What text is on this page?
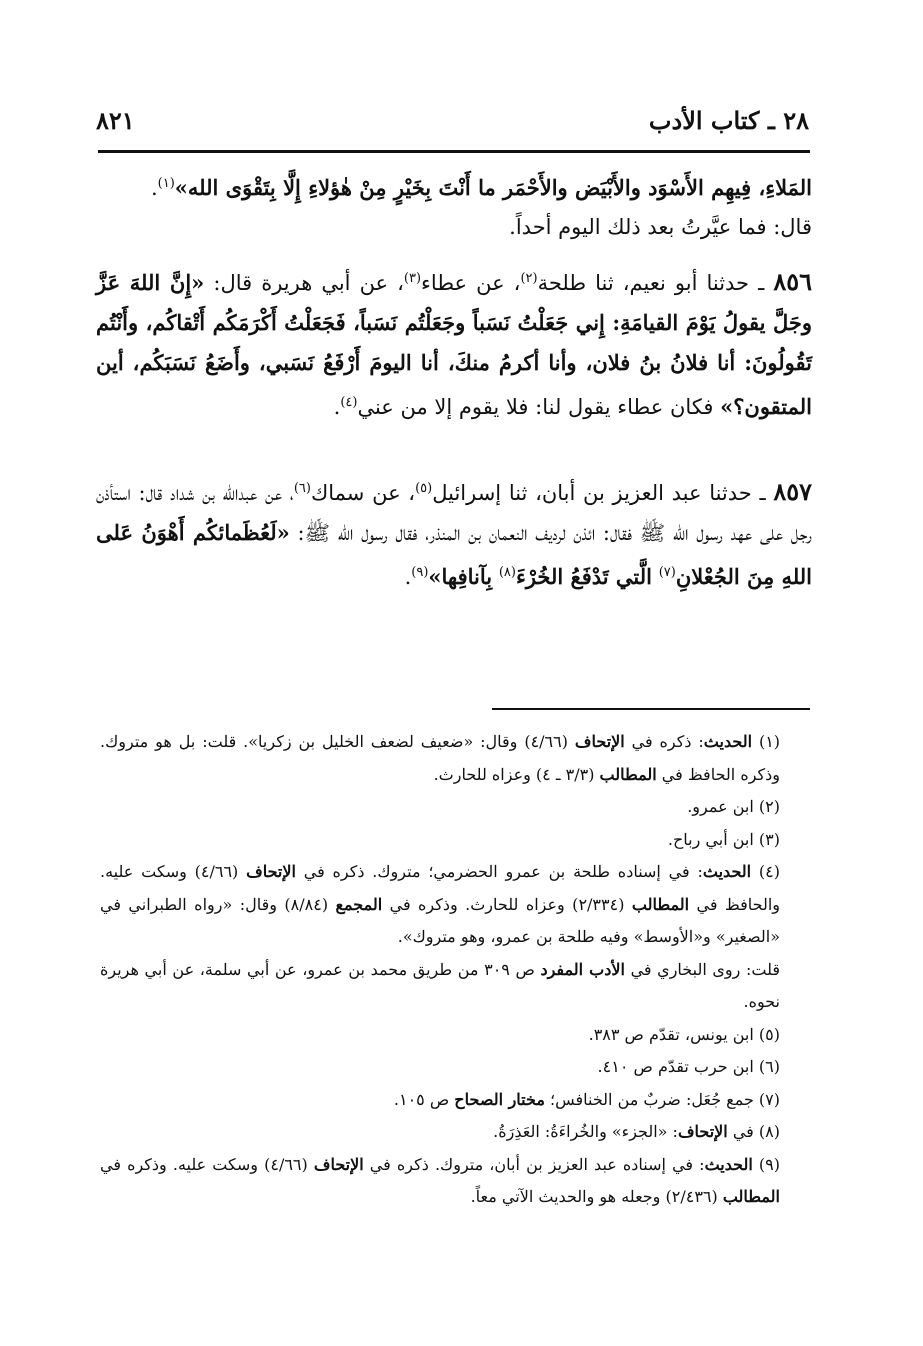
٢٨ ـ كتاب الأدب
٨٢١

المَلاءِ، فِيهِم الأَسْوَد والأَبْيَض والأَحْمَر ما أَنْتَ بِخَيْرٍ مِنْ هٰؤلاءِ إِلَّا بِتَقْوَى الله»$^{(١)}$.

قال: فما عيَّرتُ بعد ذلك اليوم أحداً.

٨٥٦ ـ حدثنا أبو نعيم، ثنا طلحة$^{(٢)}$، عن عطاء$^{(٣)}$، عن أبي هريرة قال: «إِنَّ اللهَ عَزَّ وجَلَّ يقولُ يَوْمَ القيامَةِ: إِني جَعَلْتُ نَسَباً وجَعَلْتُم نَسَباً، فَجَعَلْتُ أَكْرَمَكُم أَتْقاكُم، وأَنْتُم تَقُولُونَ: أنا فلانُ بنُ فلان، وأنا أكرمُ منكَ، أنا اليومَ أَرْفَعُ نَسَبي، وأَضَعُ نَسَبَكُم، أين المتقون؟» فكان عطاء يقول لنا: فلا يقوم إلا من عني$^{(٤)}$.

٨٥٧ ـ حدثنا عبد العزيز بن أبان، ثنا إسرائيل$^{(٥)}$، عن سماك$^{(٦)}$، عن عبدالله بن شداد قال: استأذن رجل على عهد رسول الله ﷺ فقال: ائذن لرديف النعمان بن المنذر، فقال رسول الله ﷺ: «لَعُظَمائكُم أَهْوَنُ عَلى اللهِ مِنَ الجُعْلانِ$^{(٧)}$ الَّتي تَدْفَعُ الخُرْءَ$^{(٨)}$ بِآنافِها»$^{(٩)}$.

(١) الحديث: ذكره في الإتحاف (٤/٦٦) وقال: «ضعيف لضعف الخليل بن زكريا». قلت: بل هو متروك. وذكره الحافظ في المطالب (٣/٣ ـ ٤) وعزاه للحارث.

(٢) ابن عمرو.

(٣) ابن أبي رباح.

(٤) الحديث: في إسناده طلحة بن عمرو الحضرمي؛ متروك. ذكره في الإتحاف (٤/٦٦) وسكت عليه. والحافظ في المطالب (٢/٣٣٤) وعزاه للحارث. وذكره في المجمع (٨/٨٤) وقال: «رواه الطبراني في «الصغير» و«الأوسط» وفيه طلحة بن عمرو، وهو متروك».

قلت: روى البخاري في الأدب المفرد ص ٣٠٩ من طريق محمد بن عمرو، عن أبي سلمة، عن أبي هريرة نحوه.

(٥) ابن يونس، تقدّم ص ٣٨٣.

(٦) ابن حرب تقدّم ص ٤١٠.

(٧) جمع جُعَل: ضربٌ من الخنافس؛ مختار الصحاح ص ١٠٥.

(٨) في الإتحاف: «الجزء» والخُراءَةُ: العَذِرَةُ.

(٩) الحديث: في إسناده عبد العزيز بن أبان، متروك. ذكره في الإتحاف (٤/٦٦) وسكت عليه. وذكره في المطالب (٢/٤٣٦) وجعله هو والحديث الآتي معاً.
